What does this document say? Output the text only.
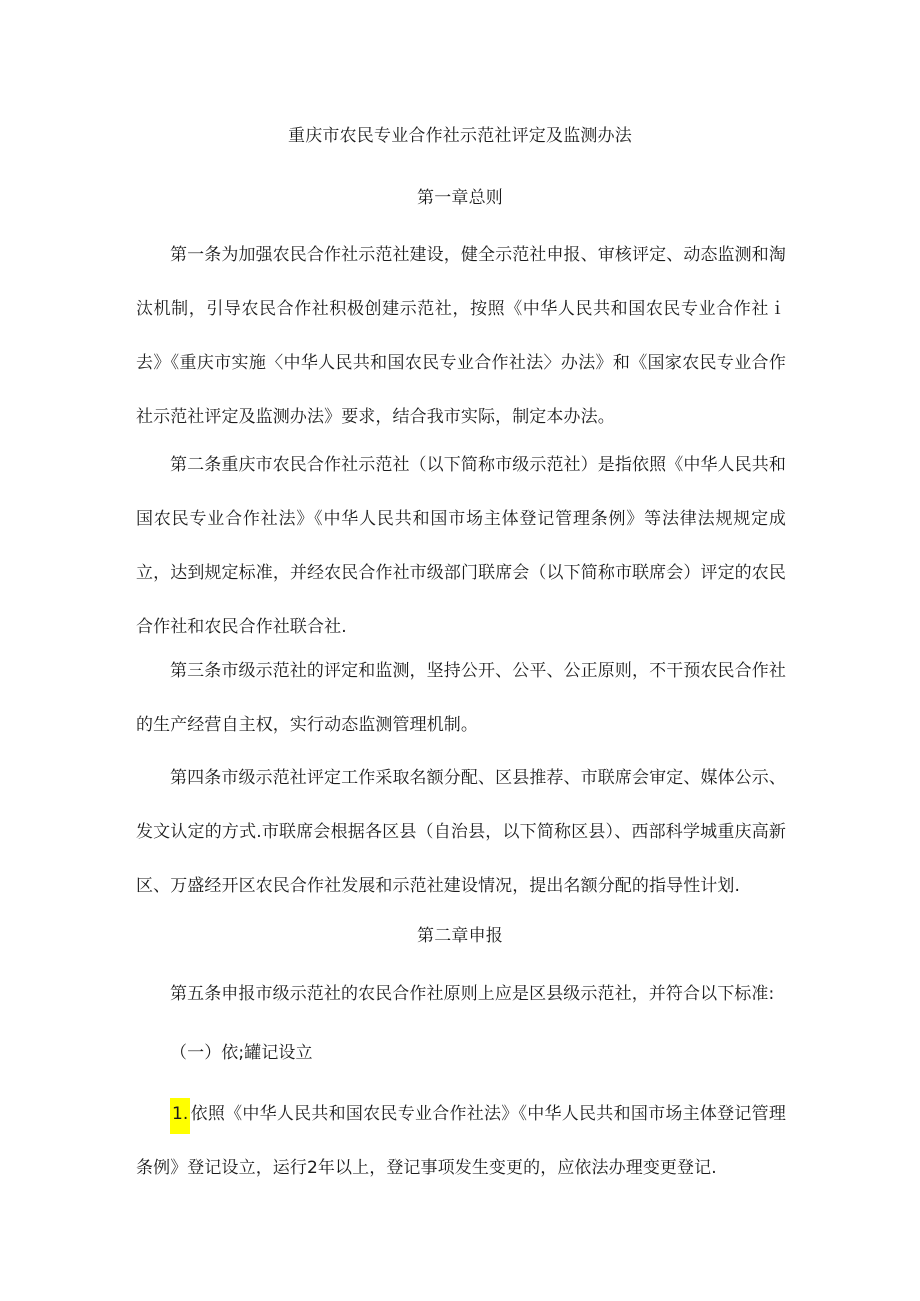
重庆市农民专业合作社示范社评定及监测办法
第一章总则
第一条为加强农民合作社示范社建设，健全示范社申报、审核评定、动态监测和淘汰机制，引导农民合作社积极创建示范社，按照《中华人民共和国农民专业合作社ｉ去》《重庆市实施〈中华人民共和国农民专业合作社法〉办法》和《国家农民专业合作社示范社评定及监测办法》要求，结合我市实际，制定本办法。
第二条重庆市农民合作社示范社（以下简称市级示范社）是指依照《中华人民共和国农民专业合作社法》《中华人民共和国市场主体登记管理条例》等法律法规规定成立，达到规定标准，并经农民合作社市级部门联席会（以下简称市联席会）评定的农民合作社和农民合作社联合社.
第三条市级示范社的评定和监测，坚持公开、公平、公正原则，不干预农民合作社的生产经营自主权，实行动态监测管理机制。
第四条市级示范社评定工作采取名额分配、区县推荐、市联席会审定、媒体公示、发文认定的方式.市联席会根据各区县（自治县，以下简称区县）、西部科学城重庆高新区、万盛经开区农民合作社发展和示范社建设情况，提出名额分配的指导性计划.
第二章申报
第五条申报市级示范社的农民合作社原则上应是区县级示范社，并符合以下标准:
（一）依;罐记设立
1. 依照《中华人民共和国农民专业合作社法》《中华人民共和国市场主体登记管理条例》登记设立，运行2年以上，登记事项发生变更的，应依法办理变更登记.
